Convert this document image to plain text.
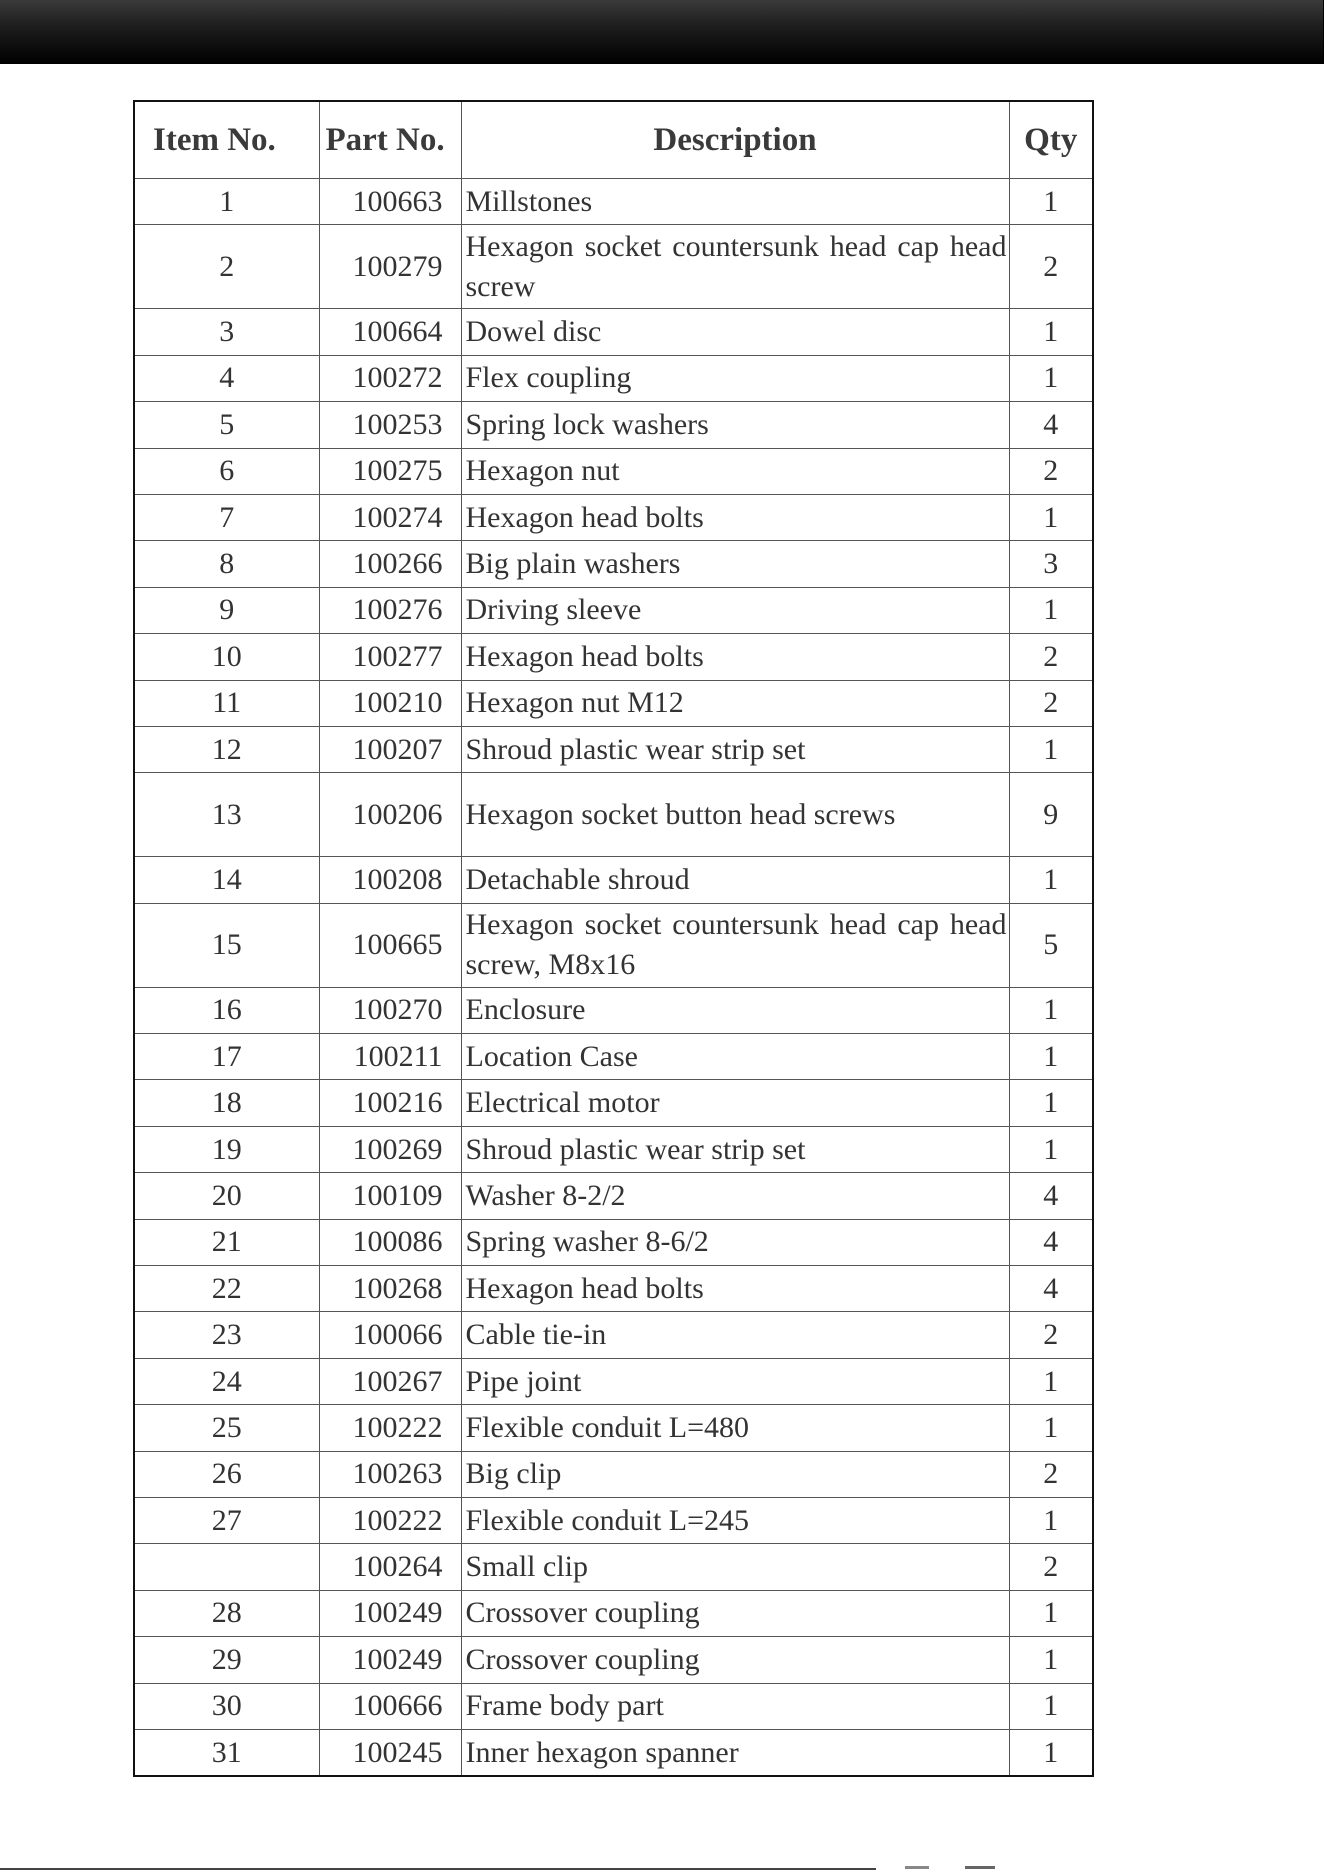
Item No.	Part No.	Description	Qty
1	100663	Millstones	1
2	100279	Hexagon socket countersunk head cap head screw	2
3	100664	Dowel disc	1
4	100272	Flex coupling	1
5	100253	Spring lock washers	4
6	100275	Hexagon nut	2
7	100274	Hexagon head bolts	1
8	100266	Big plain washers	3
9	100276	Driving sleeve	1
10	100277	Hexagon head bolts	2
11	100210	Hexagon nut M12	2
12	100207	Shroud plastic wear strip set	1
13	100206	Hexagon socket button head screws	9
14	100208	Detachable shroud	1
15	100665	Hexagon socket countersunk head cap head screw, M8x16	5
16	100270	Enclosure	1
17	100211	Location Case	1
18	100216	Electrical motor	1
19	100269	Shroud plastic wear strip set	1
20	100109	Washer 8-2/2	4
21	100086	Spring washer 8-6/2	4
22	100268	Hexagon head bolts	4
23	100066	Cable tie-in	2
24	100267	Pipe joint	1
25	100222	Flexible conduit L=480	1
26	100263	Big clip	2
27	100222	Flexible conduit L=245	1
	100264	Small clip	2
28	100249	Crossover coupling	1
29	100249	Crossover coupling	1
30	100666	Frame body part	1
31	100245	Inner hexagon spanner	1
